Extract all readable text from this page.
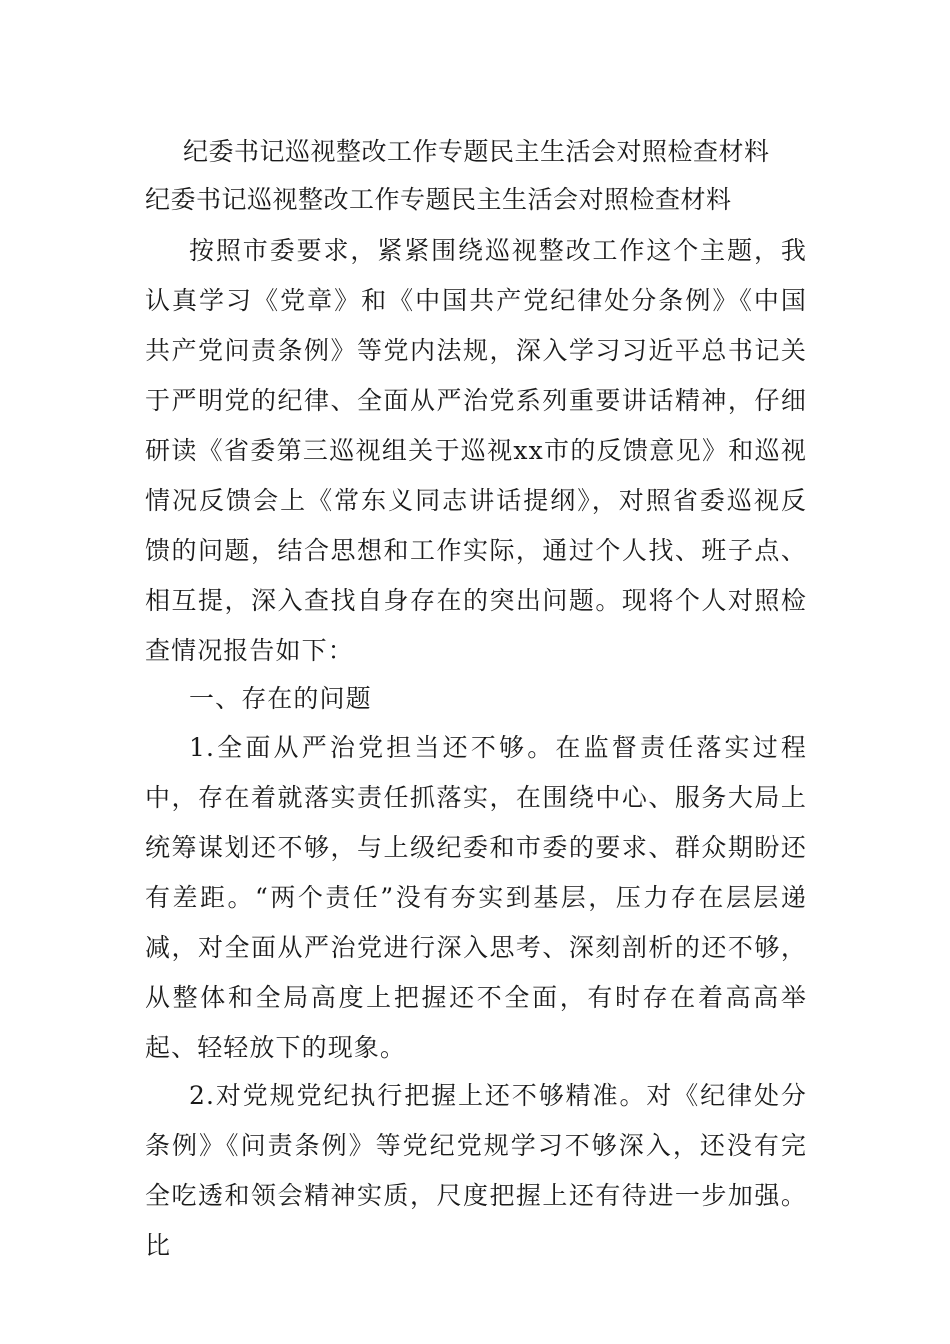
纪委书记巡视整改工作专题民主生活会对照检查材料
纪委书记巡视整改工作专题民主生活会对照检查材料

按照市委要求，紧紧围绕巡视整改工作这个主题，我认真学习《党章》和《中国共产党纪律处分条例》《中国共产党问责条例》等党内法规，深入学习习近平总书记关于严明党的纪律、全面从严治党系列重要讲话精神，仔细研读《省委第三巡视组关于巡视xx市的反馈意见》和巡视情况反馈会上《常东义同志讲话提纲》，对照省委巡视反馈的问题，结合思想和工作实际，通过个人找、班子点、相互提，深入查找自身存在的突出问题。现将个人对照检查情况报告如下：

一、存在的问题

1.全面从严治党担当还不够。在监督责任落实过程中，存在着就落实责任抓落实，在围绕中心、服务大局上统筹谋划还不够，与上级纪委和市委的要求、群众期盼还有差距。“两个责任”没有夯实到基层，压力存在层层递减，对全面从严治党进行深入思考、深刻剖析的还不够，从整体和全局高度上把握还不全面，有时存在着高高举起、轻轻放下的现象。

2.对党规党纪执行把握上还不够精准。对《纪律处分条例》《问责条例》等党纪党规学习不够深入，还没有完全吃透和领会精神实质，尺度把握上还有待进一步加强。比
